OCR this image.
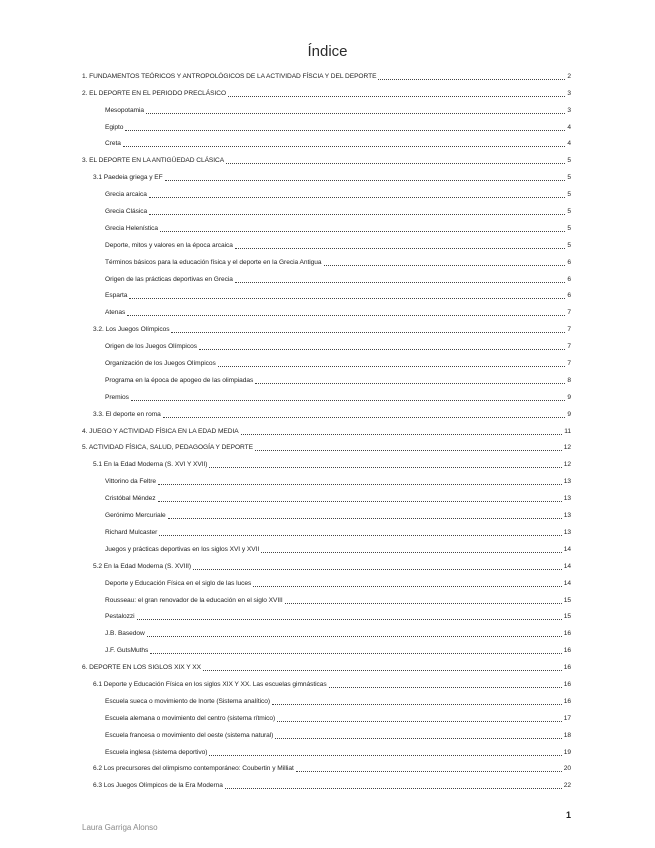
Índice
1. FUNDAMENTOS TEÓRICOS Y ANTROPOLÓGICOS DE LA ACTIVIDAD FÍSCIA Y DEL DEPORTE	2
2. EL DEPORTE EN EL PERIODO PRECLÁSICO	3
Mesopotamia	3
Egipto	4
Creta	4
3. EL DEPORTE EN LA ANTIGÜEDAD CLÁSICA	5
3.1 Paedeia griega y EF	5
Grecia arcaica	5
Grecia Clásica	5
Grecia Helenística	5
Deporte, mitos y valores en la época arcaica	5
Términos básicos para la educación física y el deporte en la Grecia Antigua	6
Origen de las prácticas deportivas en Grecia	6
Esparta	6
Atenas	7
3.2. Los Juegos Olímpicos	7
Origen de los Juegos Olímpicos	7
Organización de los Juegos Olímpicos	7
Programa en la época de apogeo de las olimpiadas	8
Premios	9
3.3. El deporte en roma	9
4. JUEGO Y ACTIVIDAD FÍSICA EN LA EDAD MEDIA	11
5. ACTIVIDAD FÍSICA, SALUD, PEDAGOGÍA Y DEPORTE	12
5.1 En la Edad Moderna (S. XVI Y XVII)	12
Vittorino da Feltre	13
Cristóbal Méndez	13
Gerónimo Mercuriale	13
Richard Mulcaster	13
Juegos y prácticas deportivas en los siglos XVI y XVII	14
5.2 En la Edad Moderna (S. XVIII)	14
Deporte y Educación Física en el siglo de las luces	14
Rousseau: el gran renovador de la educación en el siglo XVIII	15
Pestalozzi	15
J.B. Basedow	16
J.F. GutsMuths	16
6. DEPORTE EN LOS SIGLOS XIX Y XX	16
6.1 Deporte y Educación Física en los siglos XIX Y XX. Las escuelas gimnásticas	16
Escuela sueca o movimiento de lnorte (Sistema analítico)	16
Escuela alemana o movimiento del centro (sistema rítmico)	17
Escuela francesa o movimiento del oeste (sistema natural)	18
Escuela inglesa (sistema deportivo)	19
6.2 Los precursores del olimpismo contemporáneo: Coubertin y Milliat	20
6.3 Los Juegos Olímpicos de la Era Moderna	22
1
Laura Garriga Alonso
